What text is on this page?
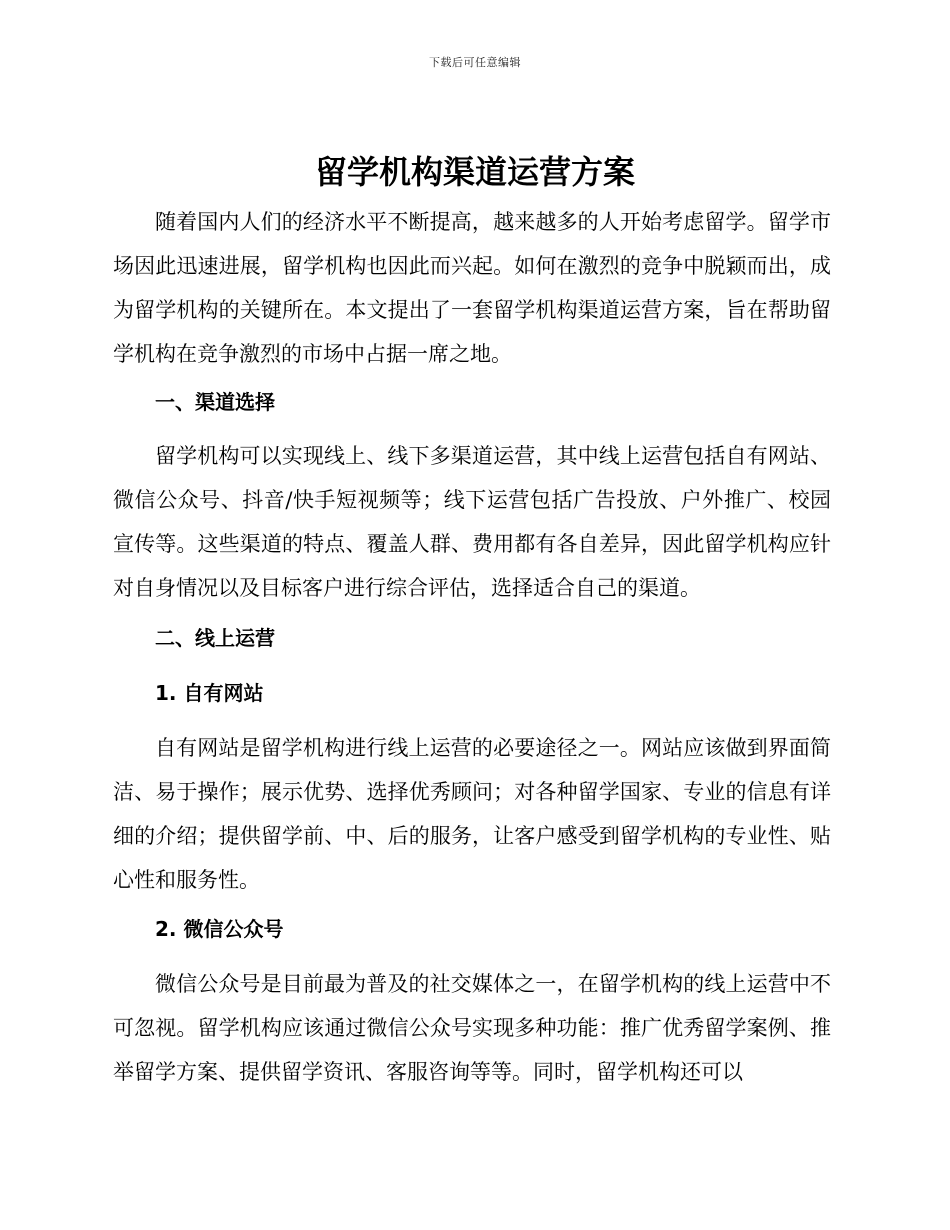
下载后可任意编辑
留学机构渠道运营方案

随着国内人们的经济水平不断提高，越来越多的人开始考虑留学。留学市场因此迅速进展，留学机构也因此而兴起。如何在激烈的竞争中脱颖而出，成为留学机构的关键所在。本文提出了一套留学机构渠道运营方案，旨在帮助留学机构在竞争激烈的市场中占据一席之地。

一、渠道选择

留学机构可以实现线上、线下多渠道运营，其中线上运营包括自有网站、微信公众号、抖音/快手短视频等；线下运营包括广告投放、户外推广、校园宣传等。这些渠道的特点、覆盖人群、费用都有各自差异，因此留学机构应针对自身情况以及目标客户进行综合评估，选择适合自己的渠道。

二、线上运营
1. 自有网站

自有网站是留学机构进行线上运营的必要途径之一。网站应该做到界面简洁、易于操作；展示优势、选择优秀顾问；对各种留学国家、专业的信息有详细的介绍；提供留学前、中、后的服务，让客户感受到留学机构的专业性、贴心性和服务性。

2. 微信公众号

微信公众号是目前最为普及的社交媒体之一，在留学机构的线上运营中不可忽视。留学机构应该通过微信公众号实现多种功能：推广优秀留学案例、推举留学方案、提供留学资讯、客服咨询等等。同时，留学机构还可以
